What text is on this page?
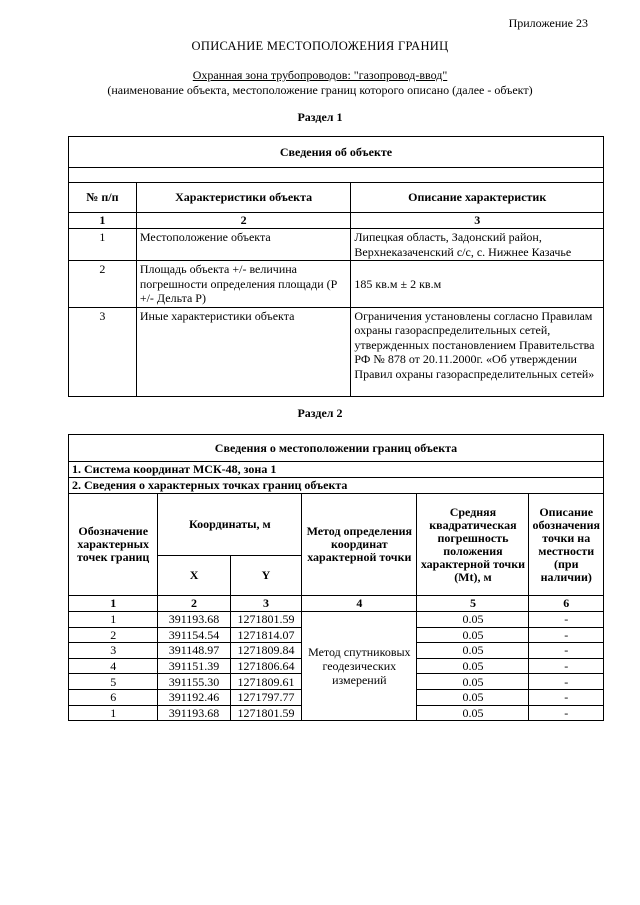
Приложение 23
ОПИСАНИЕ МЕСТОПОЛОЖЕНИЯ ГРАНИЦ
Охранная зона трубопроводов: "газопровод-ввод"
(наименование объекта, местоположение границ которого описано (далее - объект)
Раздел 1
Сведения об объекте		

№ п/п	Характеристики объекта	Описание характеристик
1	2	3
1	Местоположение объекта	Липецкая область, Задонский район, Верхнеказаченский с/с, с. Нижнее Казачье
2	Площадь объекта +/- величина погрешности определения площади (Р +/- Дельта Р)	185 кв.м ± 2 кв.м
3	Иные характеристики объекта	Ограничения установлены согласно Правилам охраны газораспределительных сетей, утвержденных постановлением Правительства РФ № 878 от 20.11.2000г. «Об утверждении Правил охраны газораспределительных сетей»
Раздел 2
Сведения о местоположении границ объекта					
1. Система координат МСК-48, зона 1					
2. Сведения о характерных точках границ объекта					
Обозначение характерных точек границ	Координаты, м		Метод определения координат характерной точки	Средняя квадратическая погрешность положения характерной точки (Mt), м	Описание обозначения точки на местности (при наличии)
	X	Y			
1	2	3	4	5	6
1	391193.68	1271801.59	Метод спутниковых геодезических измерений	0.05	-
2	391154.54	1271814.07		0.05	-
3	391148.97	1271809.84		0.05	-
4	391151.39	1271806.64		0.05	-
5	391155.30	1271809.61		0.05	-
6	391192.46	1271797.77		0.05	-
1	391193.68	1271801.59		0.05	-
